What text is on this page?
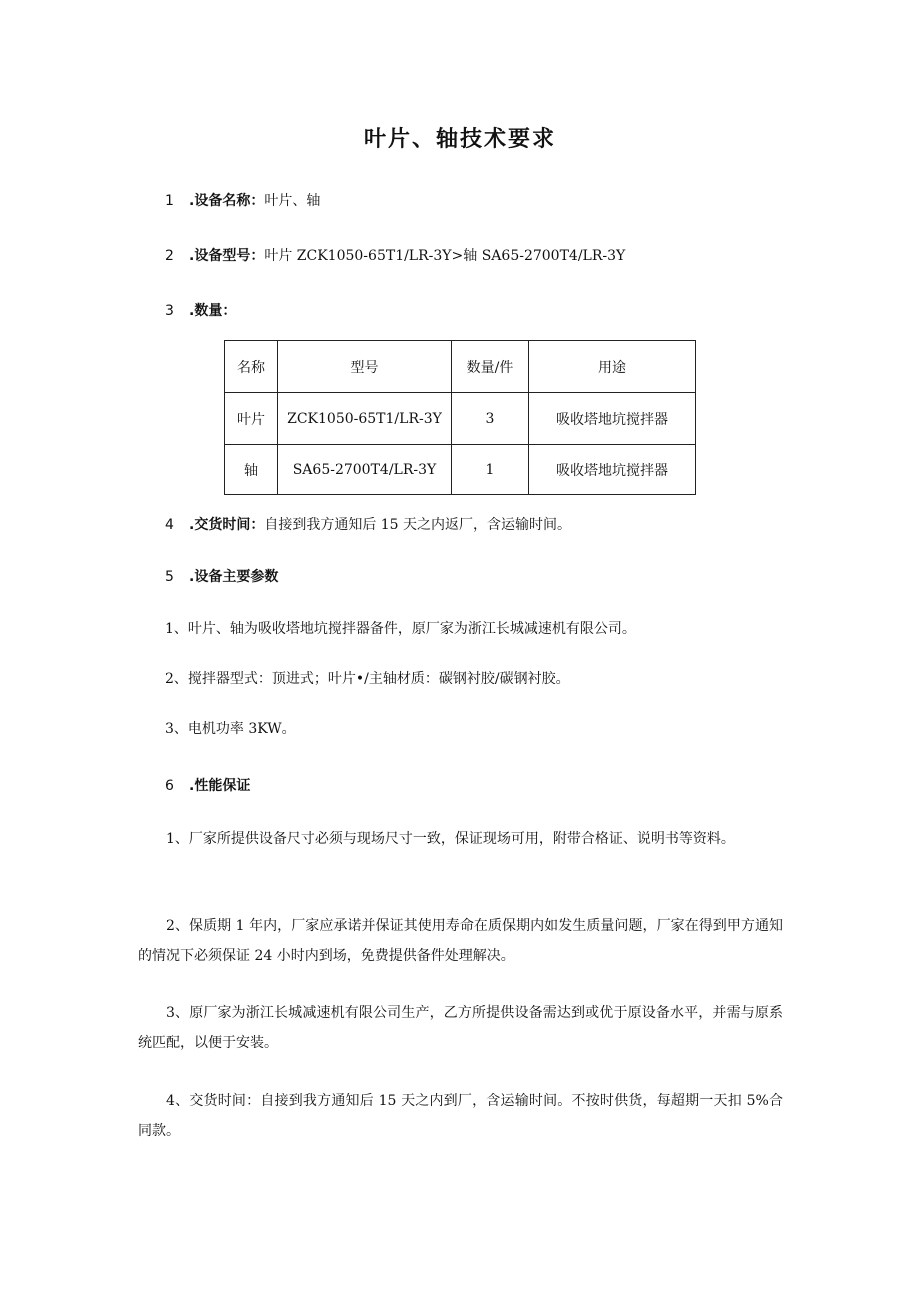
叶片、轴技术要求
1 .设备名称：叶片、轴
2 .设备型号：叶片 ZCK1050-65T1/LR-3Y>轴 SA65-2700T4/LR-3Y
3 .数量：
名称	型号	数量/件	用途
叶片	ZCK1050-65T1/LR-3Y	3	吸收塔地坑搅拌器
轴	SA65-2700T4/LR-3Y	1	吸收塔地坑搅拌器
4 .交货时间：自接到我方通知后 15 天之内返厂，含运输时间。
5 .设备主要参数
1、叶片、轴为吸收塔地坑搅拌器备件，原厂家为浙江长城减速机有限公司。
2、搅拌器型式：顶进式；叶片•/主轴材质：碳钢衬胶/碳钢衬胶。
3、电机功率 3KW。
6 .性能保证
1、厂家所提供设备尺寸必须与现场尺寸一致，保证现场可用，附带合格证、说明书等资料。
2、保质期 1 年内，厂家应承诺并保证其使用寿命在质保期内如发生质量问题，厂家在得到甲方通知的情况下必须保证 24 小时内到场，免费提供备件处理解决。
3、原厂家为浙江长城减速机有限公司生产，乙方所提供设备需达到或优于原设备水平，并需与原系统匹配，以便于安装。
4、交货时间：自接到我方通知后 15 天之内到厂，含运输时间。不按时供货，每超期一天扣 5%合同款。
